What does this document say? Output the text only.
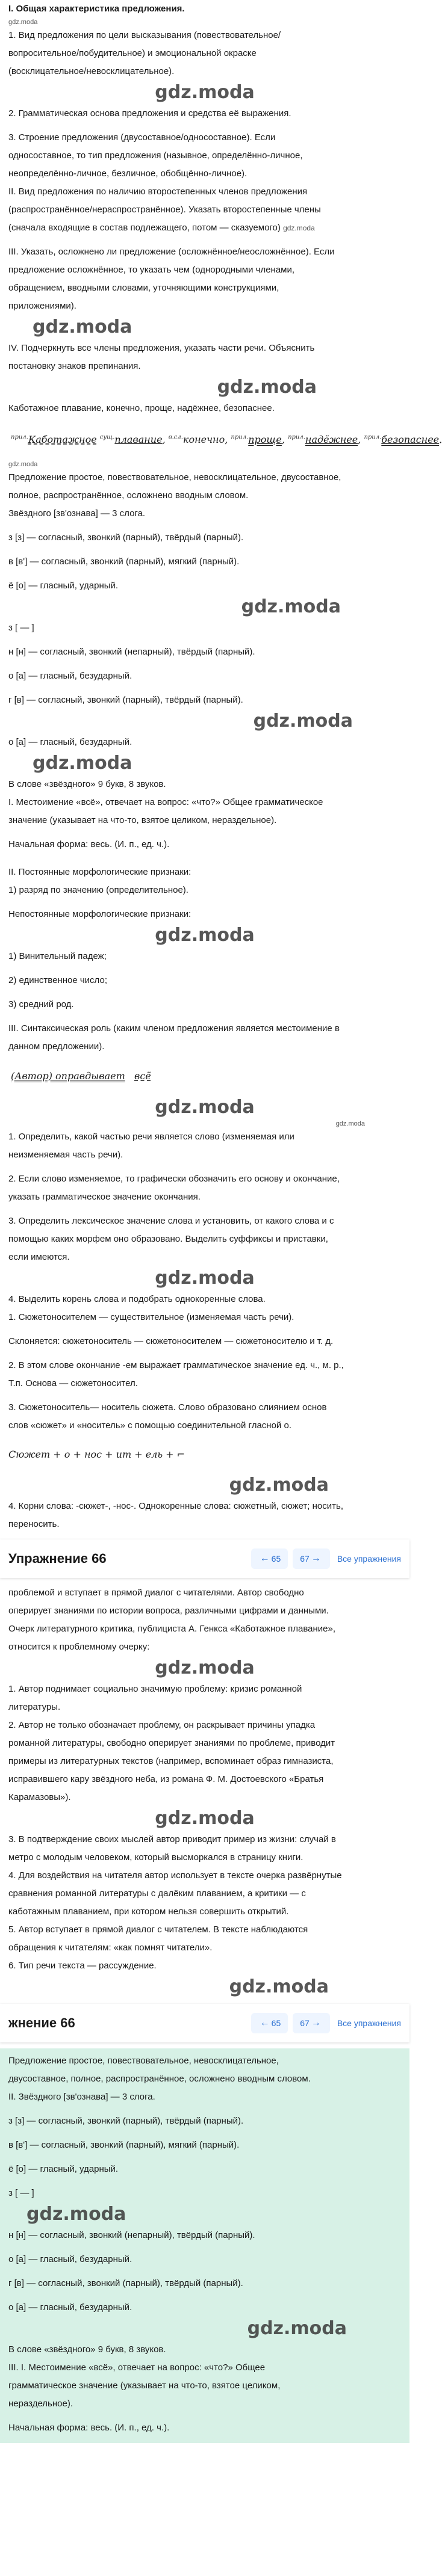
I. Общая характеристика предложения.

gdz.moda

1. Вид предложения по цели высказывания (повествовательное/

вопросительное/побудительное) и эмоциональной окраске

(восклицательное/невосклицательное).

gdz.moda

2. Грамматическая основа предложения и средства её выражения.

3. Строение предложения (двусоставное/односоставное). Если

односоставное, то тип предложения (назывное, определённо-личное,

неопределённо-личное, безличное, обобщённо-личное).

II. Вид предложения по наличию второстепенных членов предложения

(распространённое/нераспространённое). Указать второстепенные члены

(сначала входящие в состав подлежащего, потом — сказуемого) gdz.moda

III. Указать, осложнено ли предложение (осложнённое/неосложнённое). Если

предложение осложнённое, то указать чем (однородными членами,

обращением, вводными словами, уточняющими конструкциями,

приложениями).

gdz.moda

IV. Подчеркнуть все члены предложения, указать части речи. Объяснить

постановку знаков препинания.

gdz.moda

Каботажное плавание, конечно, проще, надёжнее, безопаснее.

$^{прил.}$Каботажное $^{сущ.}$плавание, $^{в.сл.}$конечно, $^{прил.}$проще, $^{прил.}$надёжнее, $^{прил.}$безопаснее.

gdz.moda

Предложение простое, повествовательное, невосклицательное, двусоставное,

полное, распространённое, осложнено вводным словом.

Звёздного [зв'ознава] — 3 слога.

з [з] — согласный, звонкий (парный), твёрдый (парный).

в [в'] — согласный, звонкий (парный), мягкий (парный).

ё [о] — гласный, ударный.

gdz.moda

з [ — ]

н [н] — согласный, звонкий (непарный), твёрдый (парный).

о [а] — гласный, безударный.

г [в] — согласный, звонкий (парный), твёрдый (парный).

gdz.moda

о [а] — гласный, безударный.

gdz.moda

В слове «звёздного» 9 букв, 8 звуков.

I. Местоимение «всё», отвечает на вопрос: «что?» Общее грамматическое

значение (указывает на что-то, взятое целиком, нераздельное).

Начальная форма: весь. (И. п., ед. ч.).

II. Постоянные морфологические признаки:

1) разряд по значению (определительное).

Непостоянные морфологические признаки:

gdz.moda

1) Винительный падеж;

2) единственное число;

3) средний род.

III. Синтаксическая роль (каким членом предложения является местоимение в

данном предложении).

(Автор) оправдывает всё

gdz.moda
gdz.moda

1. Определить, какой частью речи является слово (изменяемая или

неизменяемая часть речи).

2. Если слово изменяемое, то графически обозначить его основу и окончание,

указать грамматическое значение окончания.

3. Определить лексическое значение слова и установить, от какого слова и с

помощью каких морфем оно образовано. Выделить суффиксы и приставки,

если имеются.

gdz.moda

4. Выделить корень слова и подобрать однокоренные слова.

1. Сюжетоносителем — существительное (изменяемая часть речи).

Склоняется: сюжетоноситель — сюжетоносителем — сюжетоносителю и т. д.

2. В этом слове окончание -ем выражает грамматическое значение ед. ч., м. р.,

Т.п. Основа — сюжетоносител.

3. Сюжетоноситель— носитель сюжета. Слово образовано слиянием основ

слов «сюжет» и «носитель» с помощью соединительной гласной о.

Сюжет + о + нос + ит + ель + ⌐

gdz.moda

4. Корни слова: -сюжет-, -нос-. Однокоренные слова: сюжетный, сюжет; носить,

переносить.

Упражнение 66	← 65 67 → Все упражнения

проблемой и вступает в прямой диалог с читателями. Автор свободно

оперирует знаниями по истории вопроса, различными цифрами и данными.

Очерк литературного критика, публициста А. Генкса «Каботажное плавание»,

относится к проблемному очерку:

gdz.moda

1. Автор поднимает социально значимую проблему: кризис романной

литературы.

2. Автор не только обозначает проблему, он раскрывает причины упадка

романной литературы, свободно оперирует знаниями по проблеме, приводит

примеры из литературных текстов (например, вспоминает образ гимназиста,

исправившего кару звёздного неба, из романа Ф. М. Достоевского «Братья

Карамазовы»).

gdz.moda

3. В подтверждение своих мыслей автор приводит пример из жизни: случай в

метро с молодым человеком, который высморкался в страницу книги.

4. Для воздействия на читателя автор использует в тексте очерка развёрнутые

сравнения романной литературы с далёким плаванием, а критики — с

каботажным плаванием, при котором нельзя совершить открытий.

5. Автор вступает в прямой диалог с читателем. В тексте наблюдаются

обращения к читателям: «как помнят читатели».

6. Тип речи текста — рассуждение.

gdz.moda
жнение 66	← 65 67 → Все упражнения

Предложение простое, повествовательное, невосклицательное,

двусоставное, полное, распространённое, осложнено вводным словом.

II. Звёздного [зв'ознава] — 3 слога.

з [з] — согласный, звонкий (парный), твёрдый (парный).

в [в'] — согласный, звонкий (парный), мягкий (парный).

ё [о] — гласный, ударный.

з [ — ]

gdz.moda

н [н] — согласный, звонкий (непарный), твёрдый (парный).

о [а] — гласный, безударный.

г [в] — согласный, звонкий (парный), твёрдый (парный).

о [а] — гласный, безударный.

gdz.moda

В слове «звёздного» 9 букв, 8 звуков.

III. I. Местоимение «всё», отвечает на вопрос: «что?» Общее

грамматическое значение (указывает на что-то, взятое целиком,

нераздельное).

Начальная форма: весь. (И. п., ед. ч.).
